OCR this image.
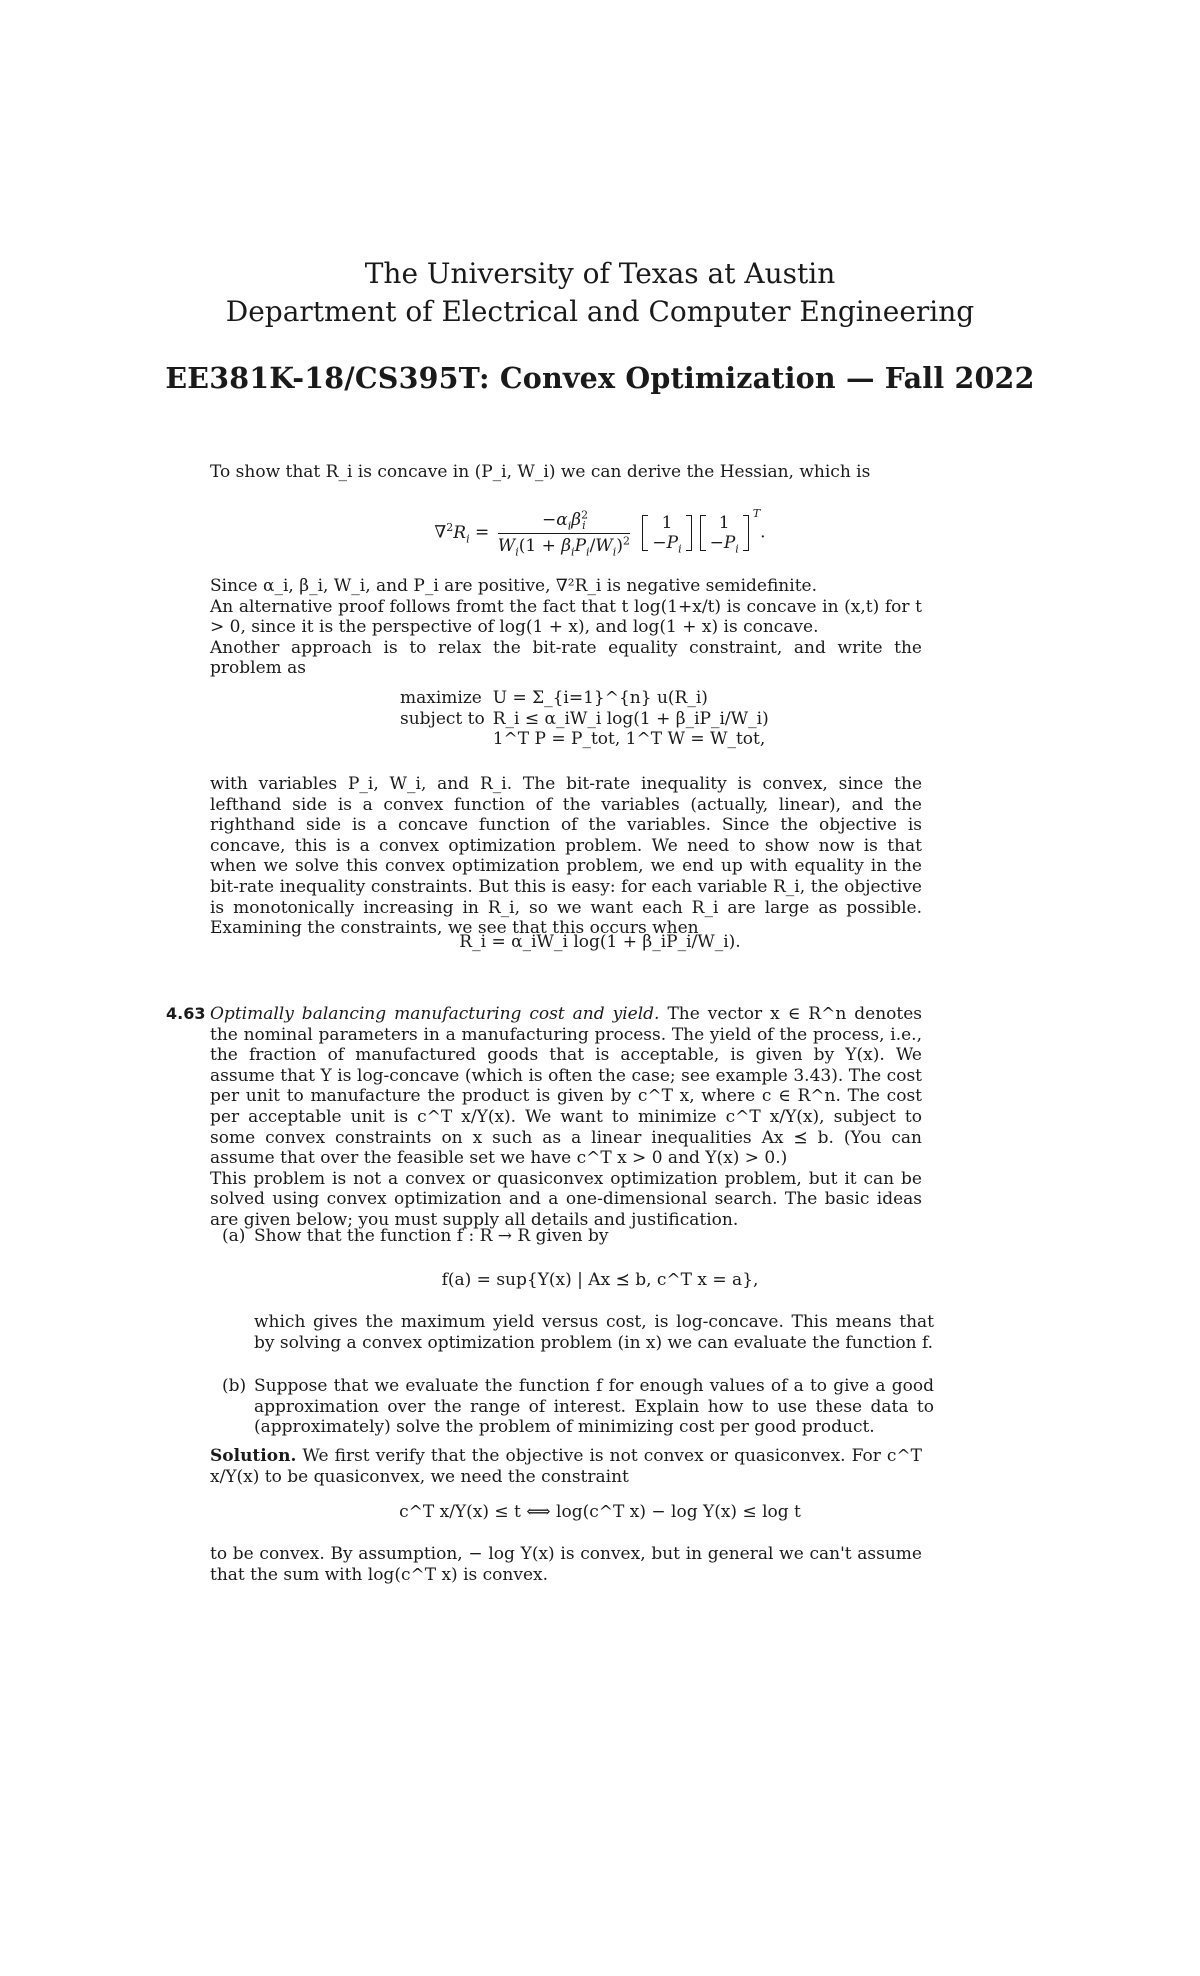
The University of Texas at Austin
Department of Electrical and Computer Engineering
EE381K-18/CS395T: Convex Optimization — Fall 2022

To show that R_i is concave in (P_i, W_i) we can derive the Hessian, which is

$\nabla^2R_i = \frac{-\alpha_i\beta^2_i}{W_i(1 + \beta_iP_i/W_i)^2}$
	1
$-P_i$
1
$-P_i$
$^T$.

Since α_i, β_i, W_i, and P_i are positive, ∇²R_i is negative semidefinite.

An alternative proof follows fromt the fact that t log(1+x/t) is concave in (x,t) for t > 0, since it is the perspective of log(1 + x), and log(1 + x) is concave.

Another approach is to relax the bit-rate equality constraint, and write the problem as

maximize	U = Σ_{i=1}^{n} u(R_i)
subject to	R_i ≤ α_iW_i log(1 + β_iP_i/W_i)
	1^T P = P_tot, 1^T W = W_tot,

with variables P_i, W_i, and R_i. The bit-rate inequality is convex, since the lefthand side is a convex function of the variables (actually, linear), and the righthand side is a concave function of the variables. Since the objective is concave, this is a convex optimization problem. We need to show now is that when we solve this convex optimization problem, we end up with equality in the bit-rate inequality constraints. But this is easy: for each variable R_i, the objective is monotonically increasing in R_i, so we want each R_i are large as possible. Examining the constraints, we see that this occurs when

R_i = α_iW_i log(1 + β_iP_i/W_i).
4.63 Optimally balancing manufacturing cost and yield. The vector x ∈ R^n denotes the nominal parameters in a manufacturing process. The yield of the process, i.e., the fraction of manufactured goods that is acceptable, is given by Y(x). We assume that Y is log-concave (which is often the case; see example 3.43). The cost per unit to manufacture the product is given by c^T x, where c ∈ R^n. The cost per acceptable unit is c^T x/Y(x). We want to minimize c^T x/Y(x), subject to some convex constraints on x such as a linear inequalities Ax ⪯ b. (You can assume that over the feasible set we have c^T x > 0 and Y(x) > 0.)

This problem is not a convex or quasiconvex optimization problem, but it can be solved using convex optimization and a one-dimensional search. The basic ideas are given below; you must supply all details and justification.

(a) Show that the function f : R → R given by
f(a) = sup{Y(x) | Ax ⪯ b, c^T x = a},
which gives the maximum yield versus cost, is log-concave. This means that by solving a convex optimization problem (in x) we can evaluate the function f.
(b) Suppose that we evaluate the function f for enough values of a to give a good approximation over the range of interest. Explain how to use these data to (approximately) solve the problem of minimizing cost per good product.

Solution. We first verify that the objective is not convex or quasiconvex. For c^T x/Y(x) to be quasiconvex, we need the constraint

c^T x/Y(x) ≤ t ⟺ log(c^T x) − log Y(x) ≤ log t

to be convex. By assumption, − log Y(x) is convex, but in general we can't assume that the sum with log(c^T x) is convex.
